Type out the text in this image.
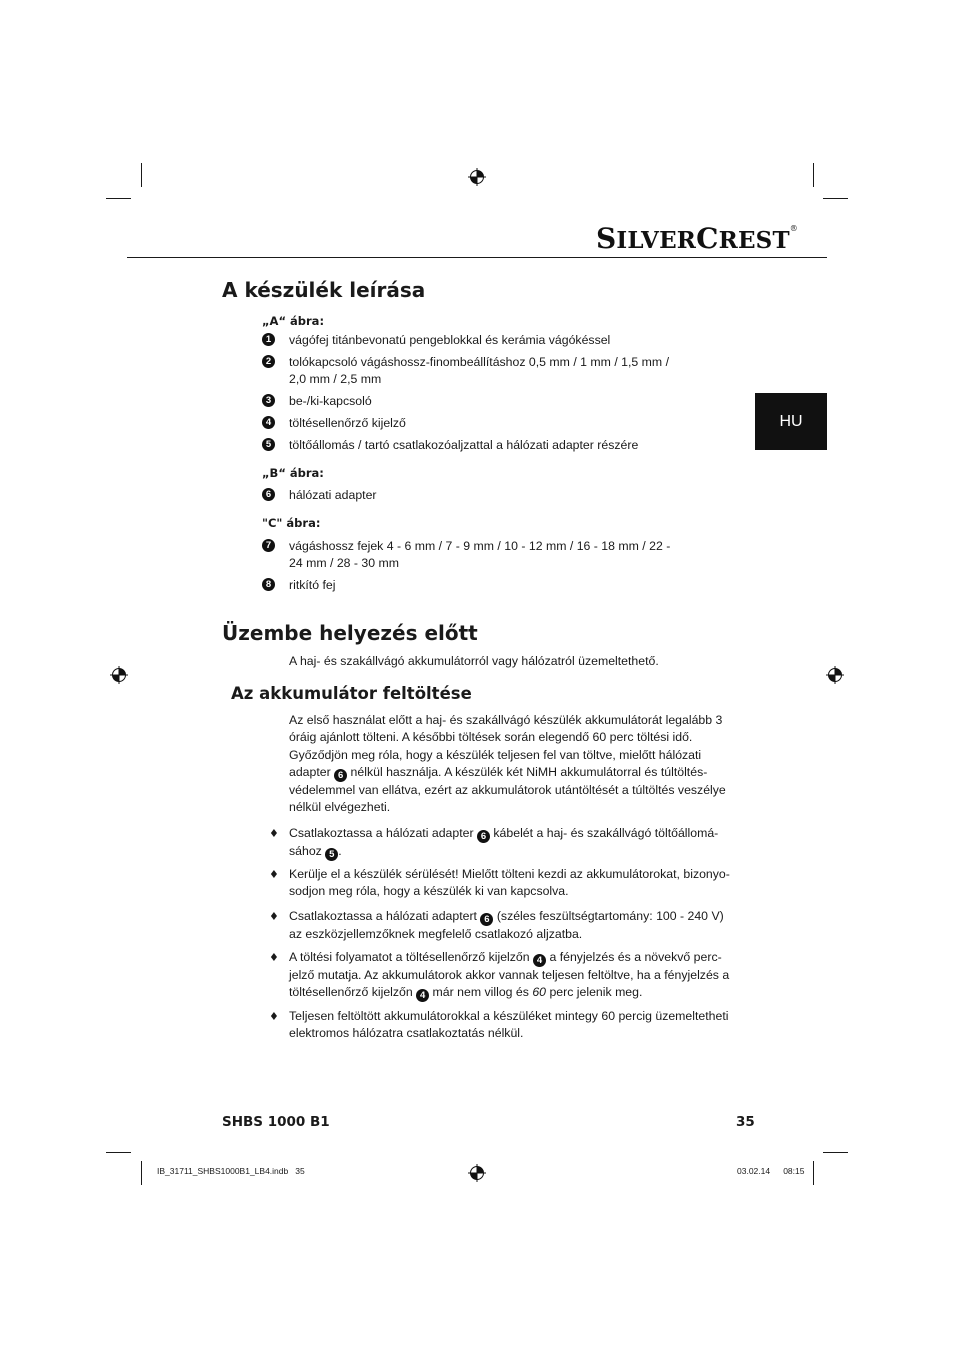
SILVERCREST®
HU
A készülék leírása
„A“ ábra:
1	vágófej titánbevonatú pengeblokkal és kerámia vágókéssel
2	tolókapcsoló vágáshossz-finombeállításhoz 0,5 mm / 1 mm / 1,5 mm / 2,0 mm / 2,5 mm
3	be-/ki-kapcsoló
4	töltésellenőrző kijelző
5	töltőállomás / tartó csatlakozóaljzattal a hálózati adapter részére
„B“ ábra:
6	hálózati adapter
"C" ábra:
7	vágáshossz fejek 4 - 6 mm / 7 - 9 mm / 10 - 12 mm / 16 - 18 mm / 22 - 24 mm / 28 - 30 mm
8	ritkító fej
Üzembe helyezés előtt
A haj- és szakállvágó akkumulátorról vagy hálózatról üzemeltethető.
Az akkumulátor feltöltése
Az első használat előtt a haj- és szakállvágó készülék akkumulátorát legalább 3 óráig ajánlott tölteni. A későbbi töltések során elegendő 60 perc töltési idő. Győződjön meg róla, hogy a készülék teljesen fel van töltve, mielőtt hálózati adapter 6 nélkül használja. A készülék két NiMH akkumulátorral és túltöltés-védelemmel van ellátva, ezért az akkumulátorok utántöltését a túltöltés veszélye nélkül elvégezheti.
♦ Csatlakoztassa a hálózati adapter 6 kábelét a haj- és szakállvágó töltőállomá-sához 5 .
♦ Kerülje el a készülék sérülését! Mielőtt tölteni kezdi az akkumulátorokat, bizonyo-sodjon meg róla, hogy a készülék ki van kapcsolva.
♦ Csatlakoztassa a hálózati adaptert 6 (széles feszültségtartomány: 100 - 240 V) az eszközjellemzőknek megfelelő csatlakozó aljzatba.
♦ A töltési folyamatot a töltésellenőrző kijelzőn 4 a fényjelzés és a növekvő perc-jelző mutatja. Az akkumulátorok akkor vannak teljesen feltöltve, ha a fényjelzés a töltésellenőrző kijelzőn 4 már nem villog és 60 perc jelenik meg.
♦ Teljesen feltöltött akkumulátorokkal a készüléket mintegy 60 percig üzemeltetheti elektromos hálózatra csatlakoztatás nélkül.
SHBS 1000 B1	35
IB_31711_SHBS1000B1_LB4.indb   35	03.02.14 08:15
